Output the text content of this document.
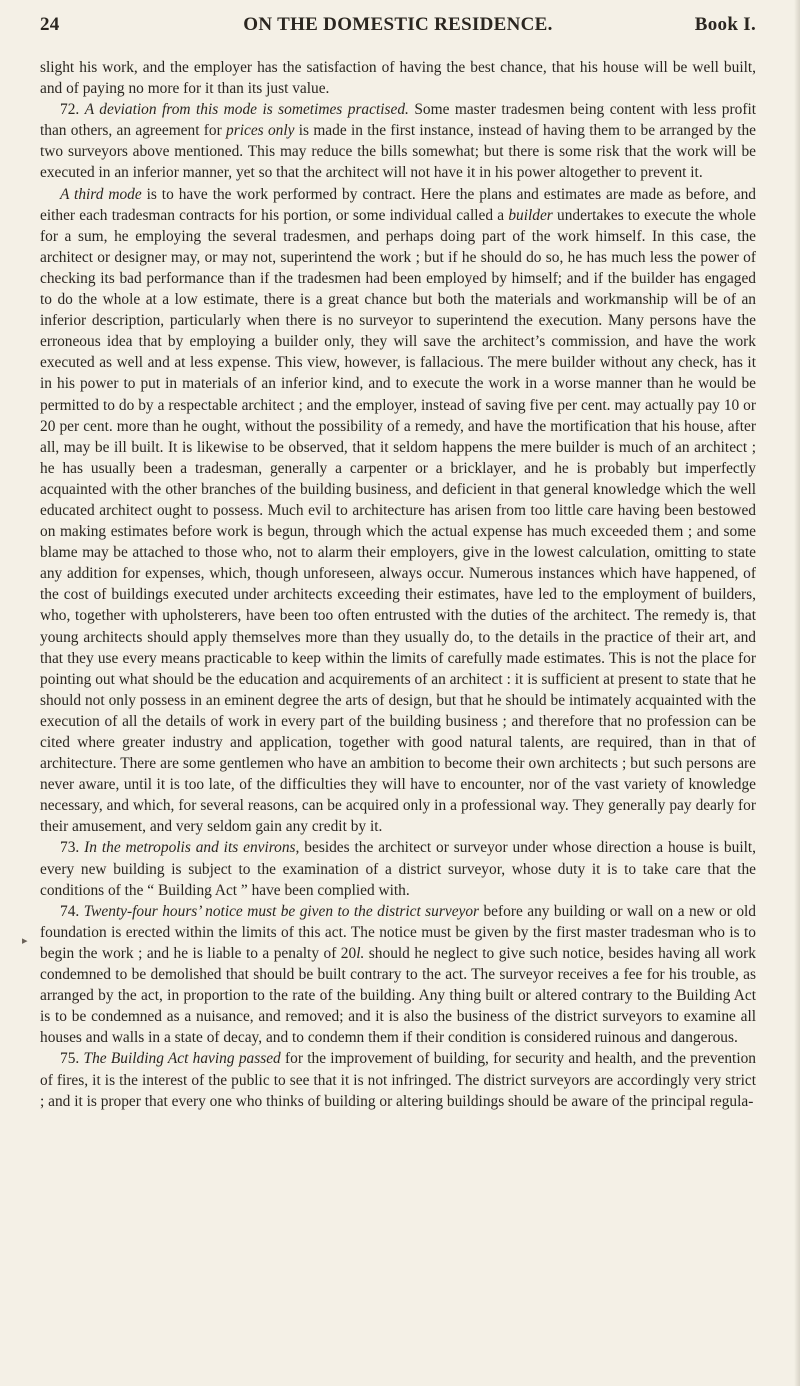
24	ON THE DOMESTIC RESIDENCE.	Book I.
▸

slight his work, and the employer has the satisfaction of having the best chance, that his house will be well built, and of paying no more for it than its just value.

72. A deviation from this mode is sometimes practised. Some master tradesmen being content with less profit than others, an agreement for prices only is made in the first instance, instead of having them to be arranged by the two surveyors above mentioned. This may reduce the bills somewhat; but there is some risk that the work will be executed in an inferior manner, yet so that the architect will not have it in his power altogether to prevent it.

A third mode is to have the work performed by contract. Here the plans and estimates are made as before, and either each tradesman contracts for his portion, or some individual called a builder undertakes to execute the whole for a sum, he employing the several tradesmen, and perhaps doing part of the work himself. In this case, the architect or designer may, or may not, superintend the work ; but if he should do so, he has much less the power of checking its bad performance than if the tradesmen had been employed by himself; and if the builder has engaged to do the whole at a low estimate, there is a great chance but both the materials and workmanship will be of an inferior description, particularly when there is no surveyor to superintend the execution. Many persons have the erroneous idea that by employing a builder only, they will save the architect’s commission, and have the work executed as well and at less expense. This view, however, is fallacious. The mere builder without any check, has it in his power to put in materials of an inferior kind, and to execute the work in a worse manner than he would be permitted to do by a respectable architect ; and the employer, instead of saving five per cent. may actually pay 10 or 20 per cent. more than he ought, without the possibility of a remedy, and have the mortification that his house, after all, may be ill built. It is likewise to be observed, that it seldom happens the mere builder is much of an architect ; he has usually been a tradesman, generally a carpenter or a bricklayer, and he is probably but imperfectly acquainted with the other branches of the building business, and deficient in that general knowledge which the well educated architect ought to possess. Much evil to architecture has arisen from too little care having been bestowed on making estimates before work is begun, through which the actual expense has much exceeded them ; and some blame may be attached to those who, not to alarm their employers, give in the lowest calculation, omitting to state any addition for expenses, which, though unforeseen, always occur. Numerous instances which have happened, of the cost of buildings executed under architects exceeding their estimates, have led to the employment of builders, who, together with upholsterers, have been too often entrusted with the duties of the architect. The remedy is, that young architects should apply themselves more than they usually do, to the details in the practice of their art, and that they use every means practicable to keep within the limits of carefully made estimates. This is not the place for pointing out what should be the education and acquirements of an architect : it is sufficient at present to state that he should not only possess in an eminent degree the arts of design, but that he should be intimately acquainted with the execution of all the details of work in every part of the building business ; and therefore that no profession can be cited where greater industry and application, together with good natural talents, are required, than in that of architecture. There are some gentlemen who have an ambition to become their own architects ; but such persons are never aware, until it is too late, of the difficulties they will have to encounter, nor of the vast variety of knowledge necessary, and which, for several reasons, can be acquired only in a professional way. They generally pay dearly for their amusement, and very seldom gain any credit by it.

73. In the metropolis and its environs, besides the architect or surveyor under whose direction a house is built, every new building is subject to the examination of a district surveyor, whose duty it is to take care that the conditions of the “ Building Act ” have been complied with.

74. Twenty-four hours’ notice must be given to the district surveyor before any building or wall on a new or old foundation is erected within the limits of this act. The notice must be given by the first master tradesman who is to begin the work ; and he is liable to a penalty of 20l. should he neglect to give such notice, besides having all work condemned to be demolished that should be built contrary to the act. The surveyor receives a fee for his trouble, as arranged by the act, in proportion to the rate of the building. Any thing built or altered contrary to the Building Act is to be condemned as a nuisance, and removed; and it is also the business of the district surveyors to examine all houses and walls in a state of decay, and to condemn them if their condition is considered ruinous and dangerous.

75. The Building Act having passed for the improvement of building, for security and health, and the prevention of fires, it is the interest of the public to see that it is not infringed. The district surveyors are accordingly very strict ; and it is proper that every one who thinks of building or altering buildings should be aware of the principal regula-
